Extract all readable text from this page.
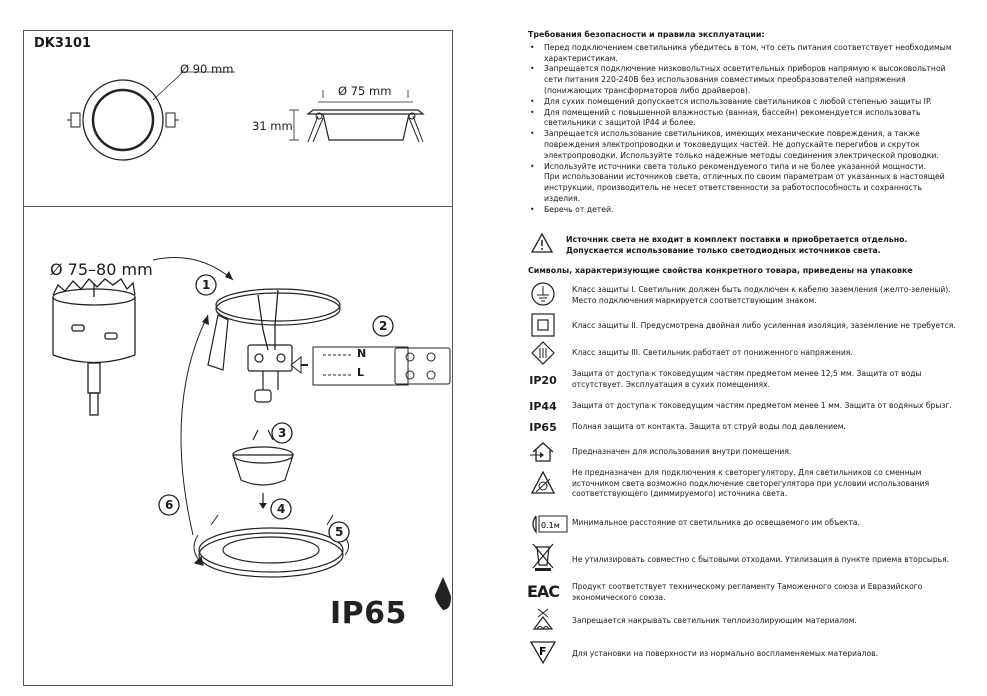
DK3101
Ø 90 mm
Ø 75 mm
31 mm
Ø 75–80 mm
1
2
3
4
5
6
L
N
IP65
Требования безопасности и правила эксплуатации:
• Перед подключением светильника убедитесь в том, что сеть питания соответствует необходимым характеристикам.
• Запрещается подключение низковольтных осветительных приборов напрямую к высоковольтной сети питания 220-240В без использования совместимых преобразователей напряжения (понижающих трансформаторов либо драйверов).
• Для сухих помещений допускается использование светильников с любой степенью защиты IP.
• Для помещений с повышенной влажностью (ванная, бассейн) рекомендуется использовать светильники с защитой IP44 и более.
• Запрещается использование светильников, имеющих механические повреждения, а также повреждения электропроводки и токоведущих частей. Не допускайте перегибов и скруток электропроводки. Используйте только надежные методы соединения электрической проводки.
• Используйте источники света только рекомендуемого типа и не более указанной мощности.
При использовании источников света, отличных по своим параметрам от указанных в настоящей инструкции, производитель не несет ответственности за работоспособность и сохранность изделия.
• Беречь от детей.
Источник света не входит в комплект поставки и приобретается отдельно.
Допускается использование только светодиодных источников света.
Символы, характеризующие свойства конкретного товара, приведены на упаковке
Класс защиты I. Светильник должен быть подключен к кабелю заземления (желто-зеленый). Место подключения маркируется соответствующим знаком.
Класс защиты II. Предусмотрена двойная либо усиленная изоляция, заземление не требуется.
Класс защиты III. Светильник работает от пониженного напряжения.
IP20 Защита от доступа к токоведущим частям предметом менее 12,5 мм. Защита от воды отсутствует. Эксплуатация в сухих помещениях.
IP44 Защита от доступа к токоведущим частям предметом менее 1 мм. Защита от водяных брызг.
IP65 Полная защита от контакта. Защита от струй воды под давлением.
Предназначен для использования внутри помещения.
Не предназначен для подключения к светорегулятору. Для светильников со сменным источником света возможно подключение светорегулятора при условии использования соответствующего (диммируемого) источника света.
0.1м Минимальное расстояние от светильника до освещаемого им объекта.
Не утилизировать совместно с бытовыми отходами. Утилизация в пункте приема вторсырья.
ЕАС Продукт соответствует техническому регламенту Таможенного союза и Евразийского экономического союза.
Запрещается накрывать светильник теплоизолирующим материалом.
F	Для установки на поверхности из нормально воспламеняемых материалов.
